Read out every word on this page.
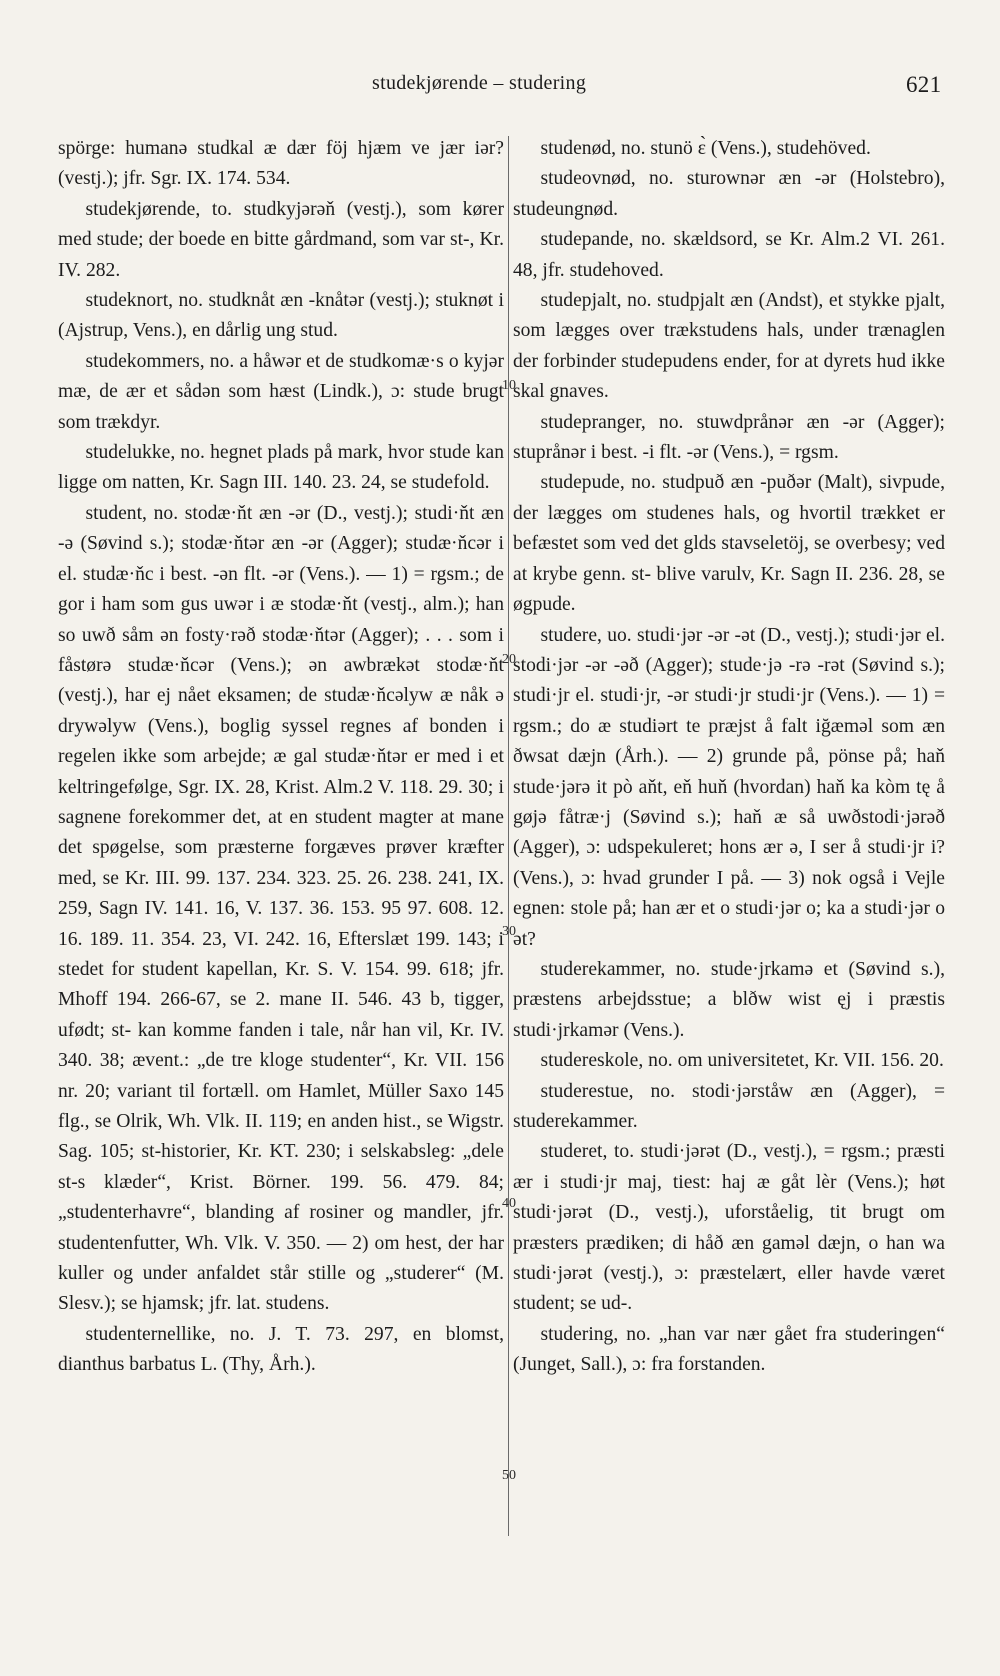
studekjørende – studering	621

spörge: humanə studkal æ dær föj hjæm ve jær iər? (vestj.); jfr. Sgr. IX. 174. 534.

studekjørende, to. studkyjərəň (vestj.), som kører med stude; der boede en bitte gårdmand, som var st-, Kr. IV. 282.

studeknort, no. studknåt æn -knåtər (vestj.); stuknøt i (Ajstrup, Vens.), en dårlig ung stud.

studekommers, no. a håwər et de studkomæ·s o kyjər mæ, de ær et sådən som hæst (Lindk.), ɔ: stude brugt som trækdyr.

studelukke, no. hegnet plads på mark, hvor stude kan ligge om natten, Kr. Sagn III. 140. 23. 24, se studefold.

student, no. stodæ·ňt æn -ər (D., vestj.); studi·ňt æn -ə (Søvind s.); stodæ·ňtər æn -ər (Agger); studæ·ňcər i el. studæ·ňc i best. -ən flt. -ər (Vens.). — 1) = rgsm.; de gor i ham som gus uwər i æ stodæ·ňt (vestj., alm.); han so uwð såm ən fosty·rəð stodæ·ňtər (Agger); . . . som i fåstørə studæ·ňcər (Vens.); ən awbrækət stodæ·ňt (vestj.), har ej nået eksamen; de studæ·ňcəlyw æ nåk ə drywəlyw (Vens.), boglig syssel regnes af bonden i regelen ikke som arbejde; æ gal studæ·ňtər er med i et keltringefølge, Sgr. IX. 28, Krist. Alm.2 V. 118. 29. 30; i sagnene forekommer det, at en student magter at mane det spøgelse, som præsterne forgæves prøver kræfter med, se Kr. III. 99. 137. 234. 323. 25. 26. 238. 241, IX. 259, Sagn IV. 141. 16, V. 137. 36. 153. 95 97. 608. 12. 16. 189. 11. 354. 23, VI. 242. 16, Efterslæt 199. 143; i stedet for student kapellan, Kr. S. V. 154. 99. 618; jfr. Mhoff 194. 266-67, se 2. mane II. 546. 43 b, tigger, ufødt; st- kan komme fanden i tale, når han vil, Kr. IV. 340. 38; ævent.: „de tre kloge studenter“, Kr. VII. 156 nr. 20; variant til fortæll. om Hamlet, Müller Saxo 145 flg., se Olrik, Wh. Vlk. II. 119; en anden hist., se Wigstr. Sag. 105; st-historier, Kr. KT. 230; i selskabsleg: „dele st-s klæder“, Krist. Börner. 199. 56. 479. 84; „studenterhavre“, blanding af rosiner og mandler, jfr. studentenfutter, Wh. Vlk. V. 350. — 2) om hest, der har kuller og under anfaldet står stille og „studerer“ (M. Slesv.); se hjamsk; jfr. lat. studens.

studenternellike, no. J. T. 73. 297, en blomst, dianthus barbatus L. (Thy, Årh.).

studenød, no. stunö ɛ̀ (Vens.), studehöved.

studeovnød, no. sturownər æn -ər (Holstebro), studeungnød.

studepande, no. skældsord, se Kr. Alm.2 VI. 261. 48, jfr. studehoved.

studepjalt, no. studpjalt æn (Andst), et stykke pjalt, som lægges over trækstudens hals, under trænaglen der forbinder studepudens ender, for at dyrets hud ikke skal gnaves.

studepranger, no. stuwdprånər æn -ər (Agger); stuprånər i best. -i flt. -ər (Vens.), = rgsm.

studepude, no. studpuð æn -puðər (Malt), sivpude, der lægges om studenes hals, og hvortil trækket er befæstet som ved det glds stavseletöj, se overbesy; ved at krybe genn. st- blive varulv, Kr. Sagn II. 236. 28, se øgpude.

studere, uo. studi·jər -ər -ət (D., vestj.); studi·jər el. stodi·jər -ər -əð (Agger); stude·jə -rə -rət (Søvind s.); studi·jr el. studi·jr, -ər studi·jr studi·jr (Vens.). — 1) = rgsm.; do æ studiərt te præjst å falt iğæməl som æn ðwsat dæjn (Årh.). — 2) grunde på, pönse på; haň stude·jərə it pò aňt, eň huň (hvordan) haň ka kòm tę å gøjə fåtræ·j (Søvind s.); haň æ så uwðstodi·jərəð (Agger), ɔ: udspekuleret; hons ær ə, I ser å studi·jr i? (Vens.), ɔ: hvad grunder I på. — 3) nok også i Vejle egnen: stole på; han ær et o studi·jər o; ka a studi·jər o ət?

studerekammer, no. stude·jrkamə et (Søvind s.), præstens arbejdsstue; a blðw wist ęj i præstis studi·jrkamər (Vens.).

studereskole, no. om universitetet, Kr. VII. 156. 20.

studerestue, no. stodi·jərståw æn (Agger), = studerekammer.

studeret, to. studi·jərət (D., vestj.), = rgsm.; præsti ær i studi·jr maj, tiest: haj æ gåt lèr (Vens.); høt studi·jərət (D., vestj.), uforståelig, tit brugt om præsters prædiken; di håð æn gaməl dæjn, o han wa studi·jərət (vestj.), ɔ: præstelært, eller havde været student; se ud-.

studering, no. „han var nær gået fra studeringen“ (Junget, Sall.), ɔ: fra forstanden.

10
20
30
40
50
